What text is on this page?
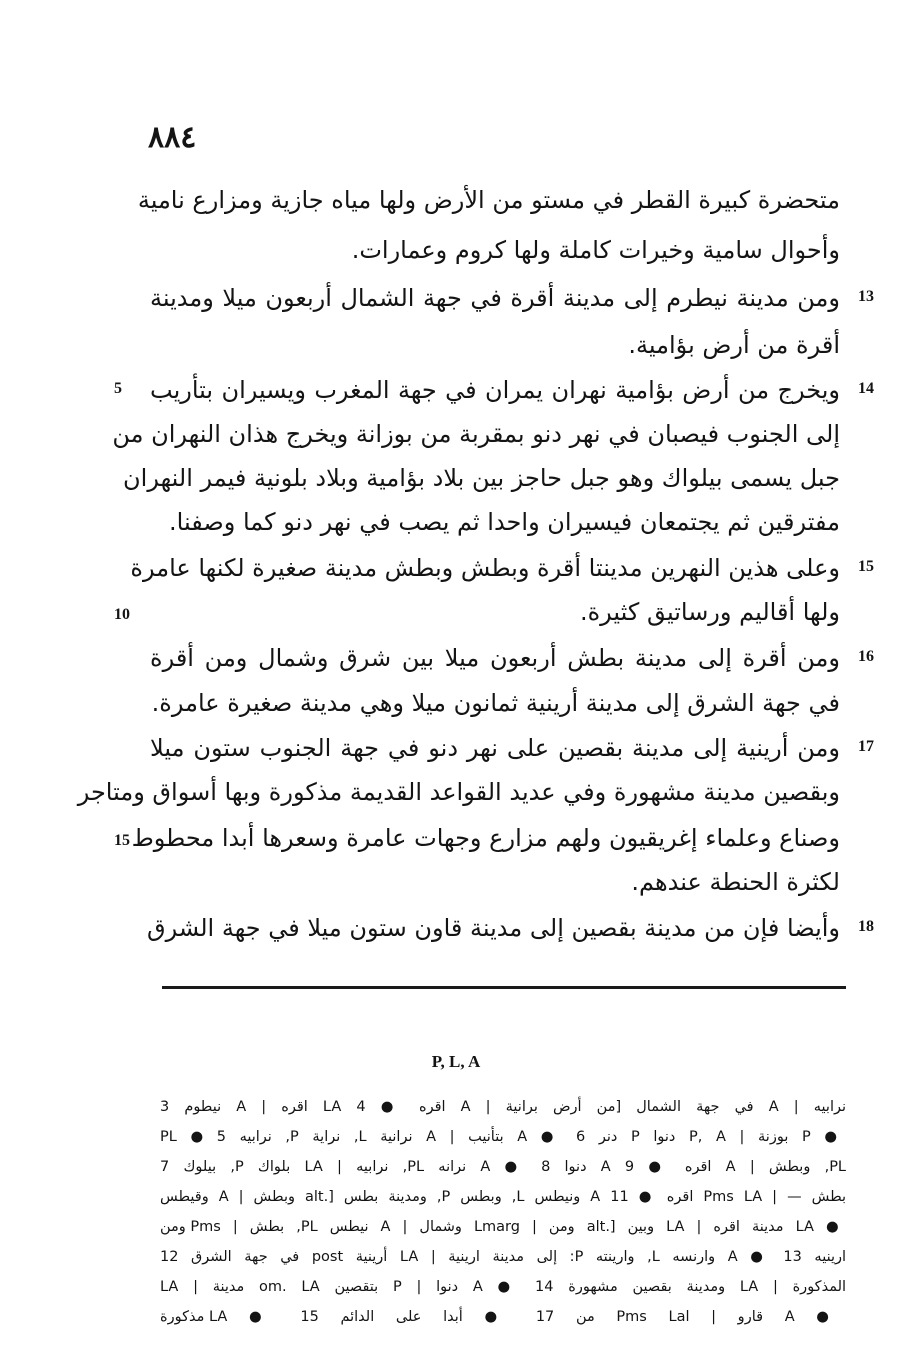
٨٨٤
متحضرة كبيرة القطر في مستو من الأرض ولها مياه جازية ومزارع نامية
وأحوال سامية وخيرات كاملة ولها كروم وعمارات.
ومن مدينة نيطرم إلى مدينة أقرة في جهة الشمال أربعون ميلا ومدينة 13
أقرة من أرض بؤامية.
ويخرج من أرض بؤامية نهران يمران في جهة المغرب ويسيران بتأريب 14
إلى الجنوب فيصبان في نهر دنو بمقربة من بوزانة ويخرج هذان النهران من
جبل يسمى بيلواك وهو جبل حاجز بين بلاد بؤامية وبلاد بلونية فيمر النهران
مفترقين ثم يجتمعان فيسيران واحدا ثم يصب في نهر دنو كما وصفنا.
وعلى هذين النهرين مدينتا أقرة وبطش وبطش مدينة صغيرة لكنها عامرة 15
ولها أقاليم ورساتيق كثيرة.
ومن أقرة إلى مدينة بطش أربعون ميلا بين شرق وشمال ومن أقرة 16
في جهة الشرق إلى مدينة أرينية ثمانون ميلا وهي مدينة صغيرة عامرة.
ومن أرينية إلى مدينة بقصين على نهر دنو في جهة الجنوب ستون ميلا 17
وبقصين مدينة مشهورة وفي عديد القواعد القديمة مذكورة وبها أسواق ومتاجر
وصناع وعلماء إغريقيون ولهم مزارع وجهات عامرة وسعرها أبدا محطوط
لكثرة الحنطة عندهم.
وأيضا فإن من مدينة بقصين إلى مدينة قاون ستون ميلا في جهة الشرق 18
5
10
15
P, L, A
نرابيه | A في جهة الشمال [من أرض برانية | A اقره ● 4 LA اقره | A نيطوم 3
● P بوزنة | P, A دنوا P دنر 6 ● A بتأنيب | A نرانية L, نراية P, نرابيه 5 ● PL
PL, وبطش | A اقره ● 9 A دنوا 8 ● A نرانه PL, نرابيه | LA بلواك P, بيلوك 7
بطش — | Pms LA اقره ● 11 A ونيطس L, وبطس P, ومدينة بطس [.alt وبطش | A وقيطس
● LA مدينة اقره | LA وبين [.alt ومن | Lmarg وشمال | A نيطس PL, بطش | Pms ومن
ارينيه 13 ● A وارنسه L, وارينته P: إلى مدينة ارينية | LA أرينية post في جهة الشرق 12
المذكورة | LA ومدينة بقصين مشهورة 14 ● A دنوا | P بتقصين om. LA مدينة | LA
● A قارو | Pms Lal من 17 ● أبدا على الدائم 15 ● LA مذكورة
